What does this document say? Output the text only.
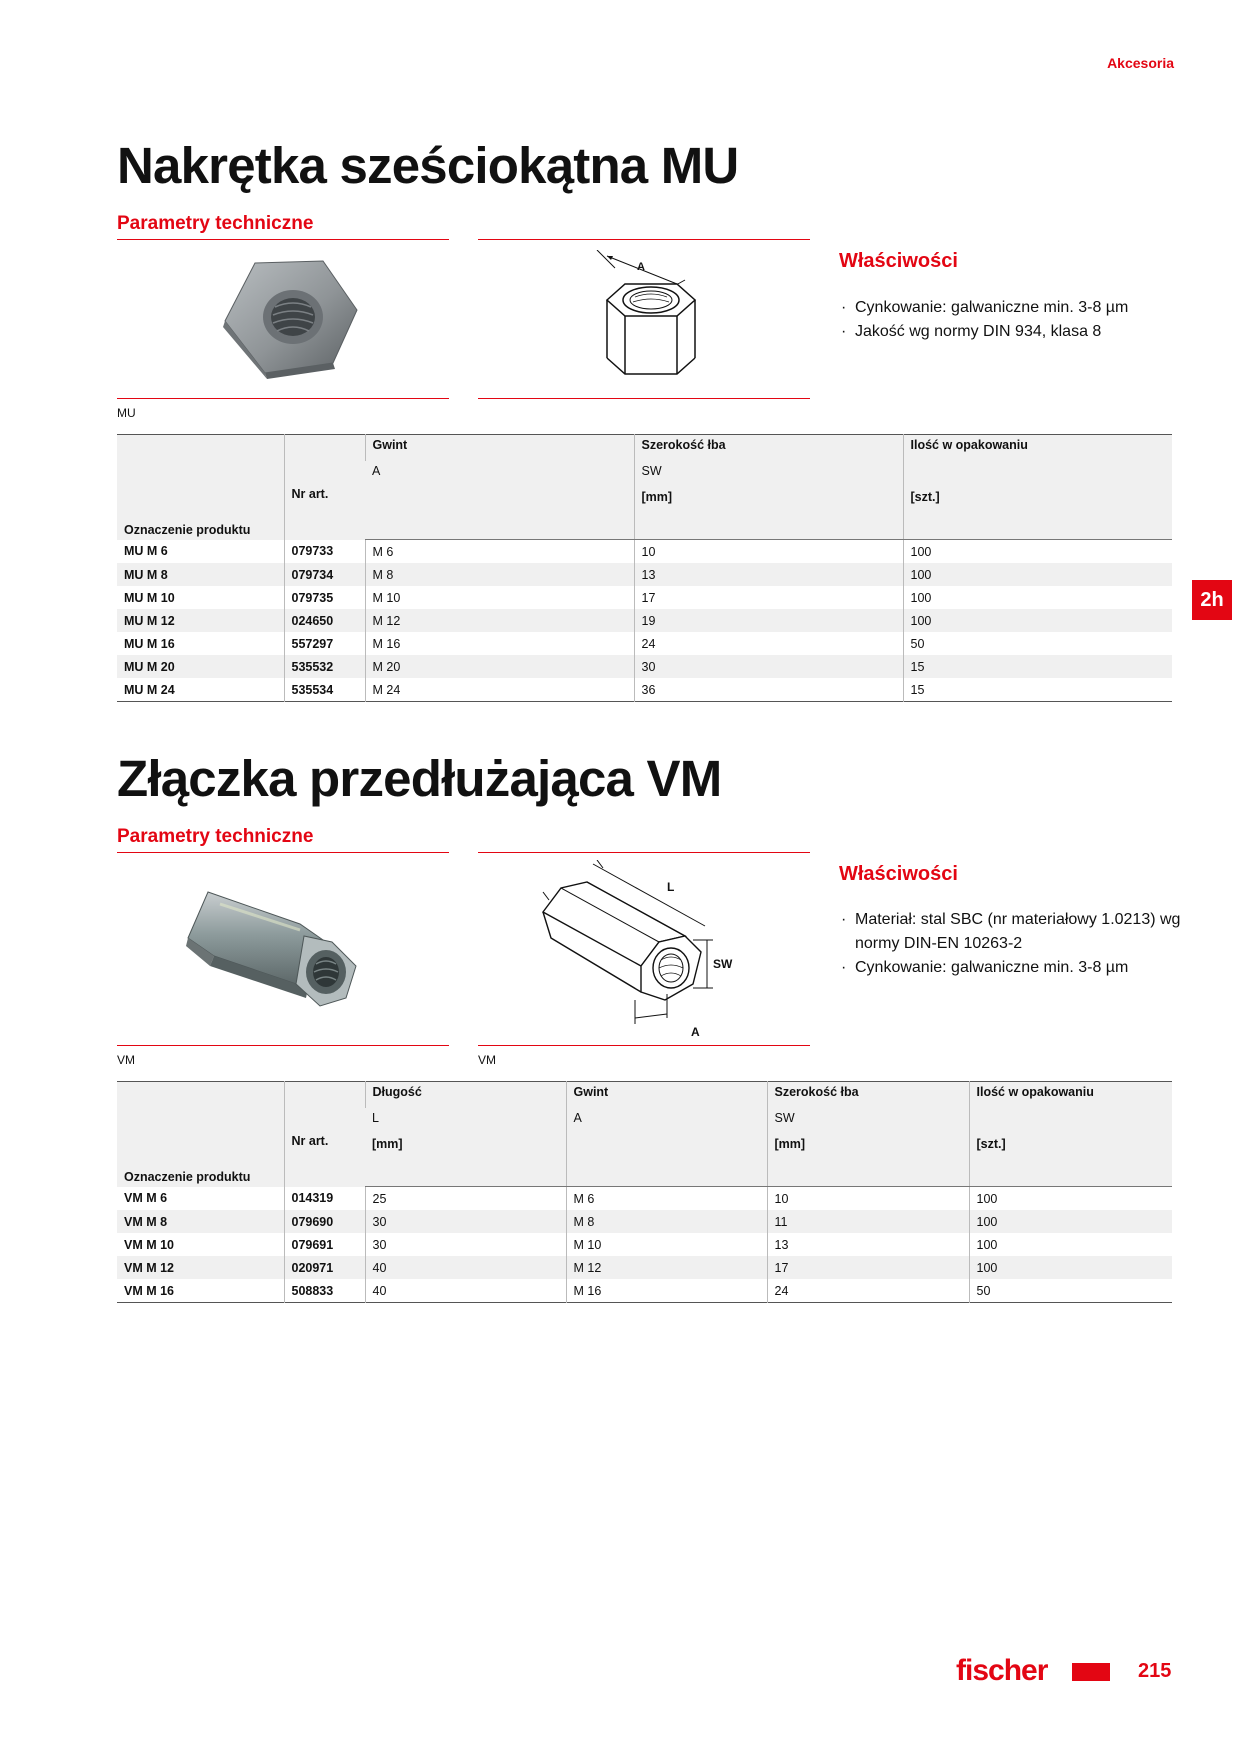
Akcesoria
Nakrętka sześciokątna MU
Parametry techniczne
A	Właściwości
· Cynkowanie: galwaniczne min. 3-8 µm
· Jakość wg normy DIN 934, klasa 8
MU
Oznaczenie produktu	Nr art.	Gwint	Szerokość łba	Ilość w opakowaniu
		A	SW	
			[mm]	[szt.]

MU M 6	079733	M 6	10	100
MU M 8	079734	M 8	13	100
MU M 10	079735	M 10	17	100
MU M 12	024650	M 12	19	100
MU M 16	557297	M 16	24	50
MU M 20	535532	M 20	30	15
MU M 24	535534	M 24	36	15
2h
Złączka przedłużająca VM
Parametry techniczne
L
SW
A
Właściwości
· Materiał: stal SBC (nr materiałowy 1.0213) wg normy DIN-EN 10263-2
· Cynkowanie: galwaniczne min. 3-8 µm
VM	VM
Oznaczenie produktu	Nr art.	Długość	Gwint	Szerokość łba	Ilość w opakowaniu
		L	A	SW	
		[mm]		[mm]	[szt.]

VM M 6	014319	25	M 6	10	100
VM M 8	079690	30	M 8	11	100
VM M 10	079691	30	M 10	13	100
VM M 12	020971	40	M 12	17	100
VM M 16	508833	40	M 16	24	50
fischer	215
